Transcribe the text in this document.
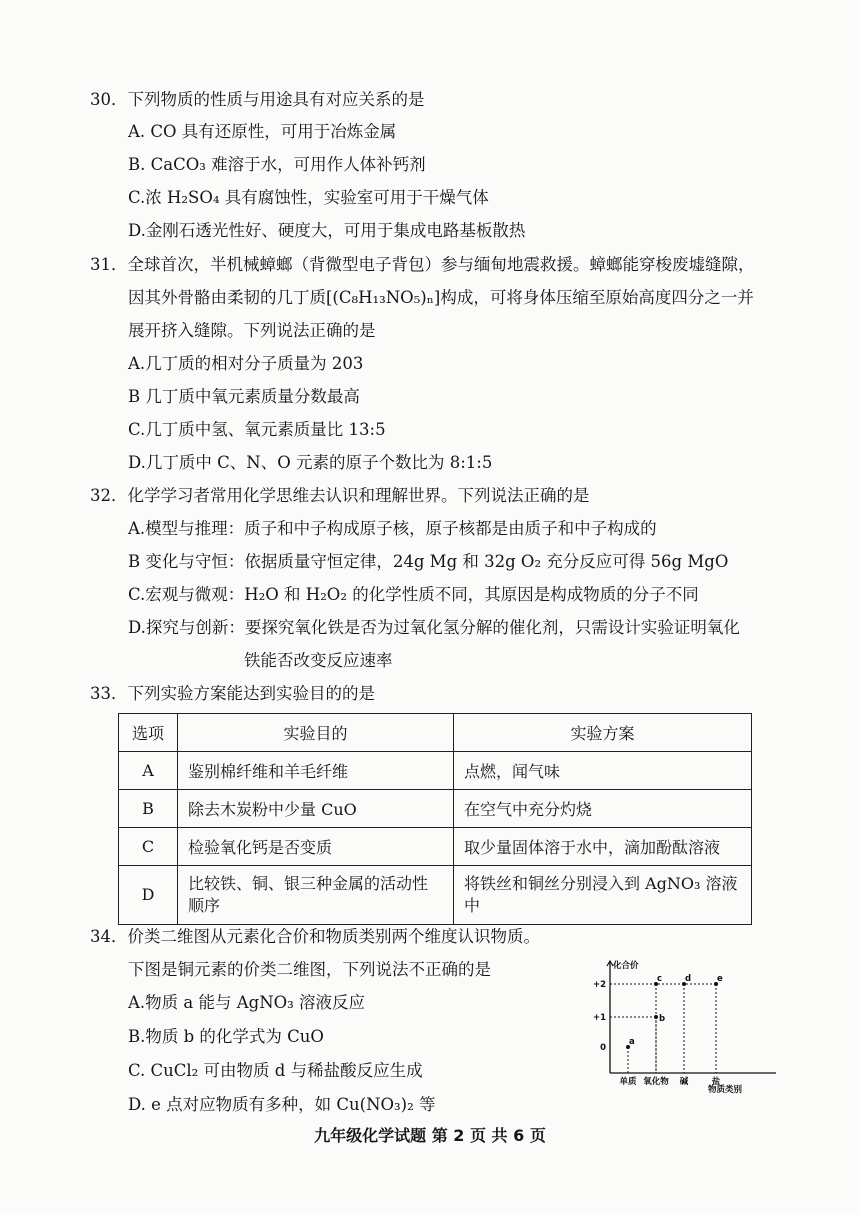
30．下列物质的性质与用途具有对应关系的是
A. CO 具有还原性，可用于冶炼金属
B. CaCO₃ 难溶于水，可用作人体补钙剂
C.浓 H₂SO₄ 具有腐蚀性，实验室可用于干燥气体
D.金刚石透光性好、硬度大，可用于集成电路基板散热
31．全球首次，半机械蟑螂（背微型电子背包）参与缅甸地震救援。蟑螂能穿梭废墟缝隙，
因其外骨骼由柔韧的几丁质[(C₈H₁₃NO₅)ₙ]构成，可将身体压缩至原始高度四分之一并
展开挤入缝隙。下列说法正确的是
A.几丁质的相对分子质量为 203
B 几丁质中氧元素质量分数最高
C.几丁质中氢、氧元素质量比 13:5
D.几丁质中 C、N、O 元素的原子个数比为 8:1:5
32．化学学习者常用化学思维去认识和理解世界。下列说法正确的是
A.模型与推理：质子和中子构成原子核，原子核都是由质子和中子构成的
B 变化与守恒：依据质量守恒定律，24g Mg 和 32g O₂ 充分反应可得 56g MgO
C.宏观与微观：H₂O 和 H₂O₂ 的化学性质不同，其原因是构成物质的分子不同
D.探究与创新：要探究氧化铁是否为过氧化氢分解的催化剂，只需设计实验证明氧化
铁能否改变反应速率
33．下列实验方案能达到实验目的的是
选项	实验目的	实验方案
A	鉴别棉纤维和羊毛纤维	点燃，闻气味
B	除去木炭粉中少量 CuO	在空气中充分灼烧
C	检验氧化钙是否变质	取少量固体溶于水中，滴加酚酞溶液
D	比较铁、铜、银三种金属的活动性顺序	将铁丝和铜丝分别浸入到 AgNO₃ 溶液中
34．价类二维图从元素化合价和物质类别两个维度认识物质。
下图是铜元素的价类二维图，下列说法不正确的是
A.物质 a 能与 AgNO₃ 溶液反应
B.物质 b 的化学式为 CuO
C. CuCl₂ 可由物质 d 与稀盐酸反应生成
D. e 点对应物质有多种，如 Cu(NO₃)₂ 等
化合价
物质类别
+2
+1
0
单质 氧化物 碱	盐
a
b
c	d	e
九年级化学试题 第 2 页 共 6 页
